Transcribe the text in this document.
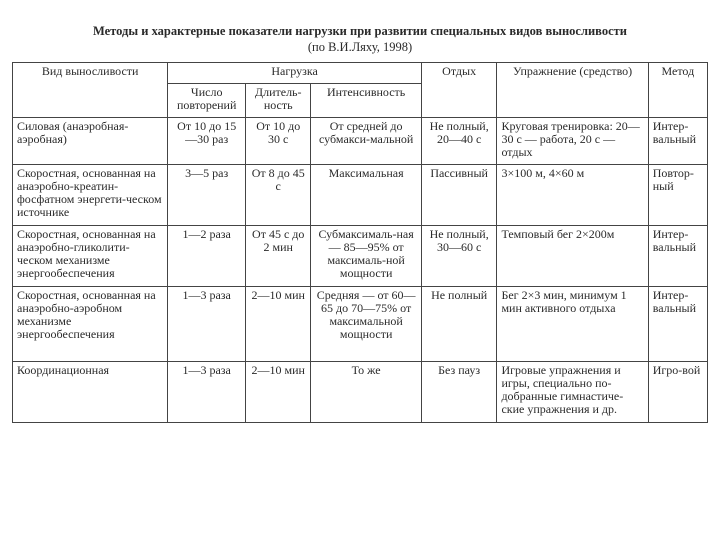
Методы и характерные показатели нагрузки при развитии специальных видов выносливости
(по В.И.Ляху, 1998)
Вид выносливости	Нагрузка			Отдых	Упражнение (средство)	Метод
	Число повторений	Длитель-ность	Интенсивность			
Силовая (анаэробная-аэробная)	От 10 до 15—30 раз	От 10 до 30 с	От средней до субмакси-мальной	Не полный, 20—40 с	Круговая тренировка: 20—30 с — работа, 20 с — отдых	Интер-вальный
Скоростная, основанная на анаэробно-креатин-фосфатном энергети-ческом источнике	3—5 раз	От 8 до 45 с	Максимальная	Пассивный	3×100 м, 4×60 м	Повтор-ный
Скоростная, основанная на анаэробно-гликолити-ческом механизме энергообеспечения	1—2 раза	От 45 с до 2 мин	Субмаксималь-ная — 85—95% от максималь-ной мощности	Не полный, 30—60 с	Темповый бег 2×200м	Интер-вальный
Скоростная, основанная на анаэробно-аэробном механизме энергообеспечения	1—3 раза	2—10 мин	Средняя — от 60—65 до 70—75% от максимальной мощности	Не полный	Бег 2×3 мин, минимум 1 мин активного отдыха	Интер-вальный
Координационная	1—3 раза	2—10 мин	То же	Без пауз	Игровые упражнения и игры, специально по-добранные гимнастиче-ские упражнения и др.	Игро-вой
